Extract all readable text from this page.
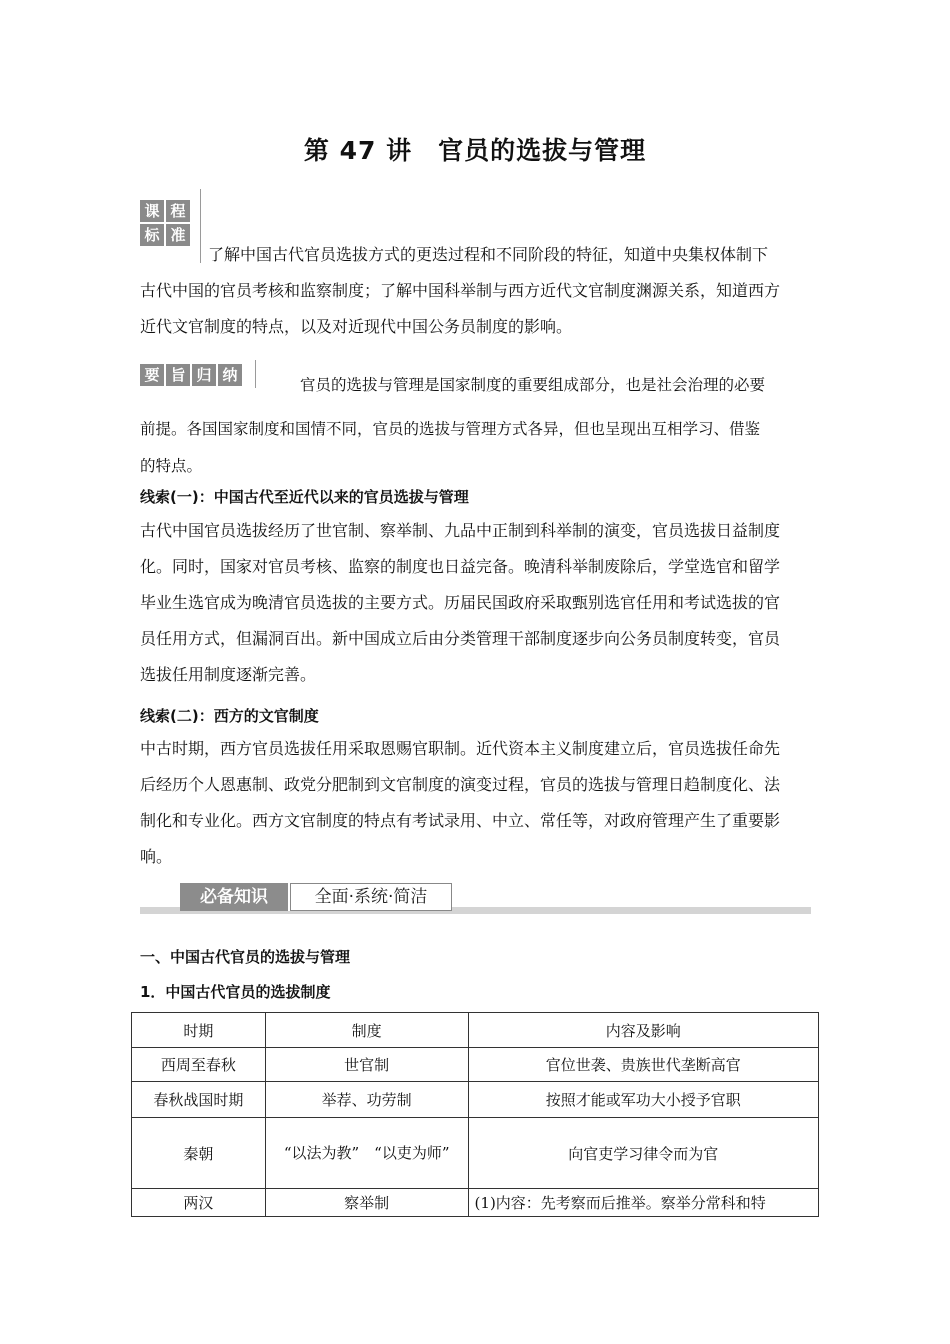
第 47 讲　官员的选拔与管理
课 程
标 准

了解中国古代官员选拔方式的更迭过程和不同阶段的特征，知道中央集权体制下

古代中国的官员考核和监察制度；了解中国科举制与西方近代文官制度渊源关系，知道西方

近代文官制度的特点，以及对近现代中国公务员制度的影响。

要 旨 归 纳

官员的选拔与管理是国家制度的重要组成部分，也是社会治理的必要

前提。各国国家制度和国情不同，官员的选拔与管理方式各异，但也呈现出互相学习、借鉴

的特点。

线索(一)：中国古代至近代以来的官员选拔与管理

古代中国官员选拔经历了世官制、察举制、九品中正制到科举制的演变，官员选拔日益制度

化。同时，国家对官员考核、监察的制度也日益完备。晚清科举制废除后，学堂选官和留学

毕业生选官成为晚清官员选拔的主要方式。历届民国政府采取甄别选官任用和考试选拔的官

员任用方式，但漏洞百出。新中国成立后由分类管理干部制度逐步向公务员制度转变，官员

选拔任用制度逐渐完善。

线索(二)：西方的文官制度

中古时期，西方官员选拔任用采取恩赐官职制。近代资本主义制度建立后，官员选拔任命先

后经历个人恩惠制、政党分肥制到文官制度的演变过程，官员的选拔与管理日趋制度化、法

制化和专业化。西方文官制度的特点有考试录用、中立、常任等，对政府管理产生了重要影

响。

必备知识	全面·系统·简洁
一、中国古代官员的选拔与管理
1．中国古代官员的选拔制度
时期	制度	内容及影响
西周至春秋	世官制	官位世袭、贵族世代垄断高官
春秋战国时期	举荐、功劳制	按照才能或军功大小授予官职
秦朝	“以法为教”　“以吏为师”	向官吏学习律令而为官
两汉	察举制	(1)内容：先考察而后推举。察举分常科和特
